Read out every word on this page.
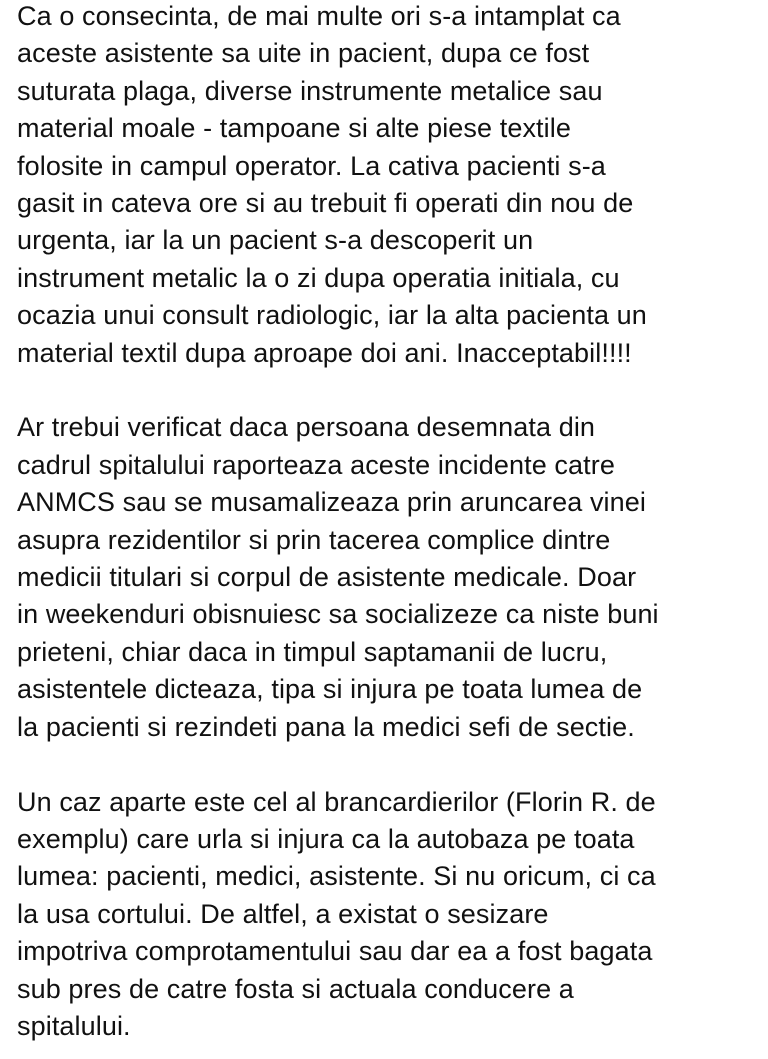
Ca o consecinta, de mai multe ori s-a intamplat ca
aceste asistente sa uite in pacient, dupa ce fost
suturata plaga, diverse instrumente metalice sau
material moale - tampoane si alte piese textile
folosite in campul operator. La cativa pacienti s-a
gasit in cateva ore si au trebuit fi operati din nou de
urgenta, iar la un pacient s-a descoperit un
instrument metalic la o zi dupa operatia initiala, cu
ocazia unui consult radiologic, iar la alta pacienta un
material textil dupa aproape doi ani. Inacceptabil!!!!

Ar trebui verificat daca persoana desemnata din
cadrul spitalului raporteaza aceste incidente catre
ANMCS sau se musamalizeaza prin aruncarea vinei
asupra rezidentilor si prin tacerea complice dintre
medicii titulari si corpul de asistente medicale. Doar
in weekenduri obisnuiesc sa socializeze ca niste buni
prieteni, chiar daca in timpul saptamanii de lucru,
asistentele dicteaza, tipa si injura pe toata lumea de
la pacienti si rezindeti pana la medici sefi de sectie.

Un caz aparte este cel al brancardierilor (Florin R. de
exemplu) care urla si injura ca la autobaza pe toata
lumea: pacienti, medici, asistente. Si nu oricum, ci ca
la usa cortului. De altfel, a existat o sesizare
impotriva comprotamentului sau dar ea a fost bagata
sub pres de catre fosta si actuala conducere a
spitalului.
